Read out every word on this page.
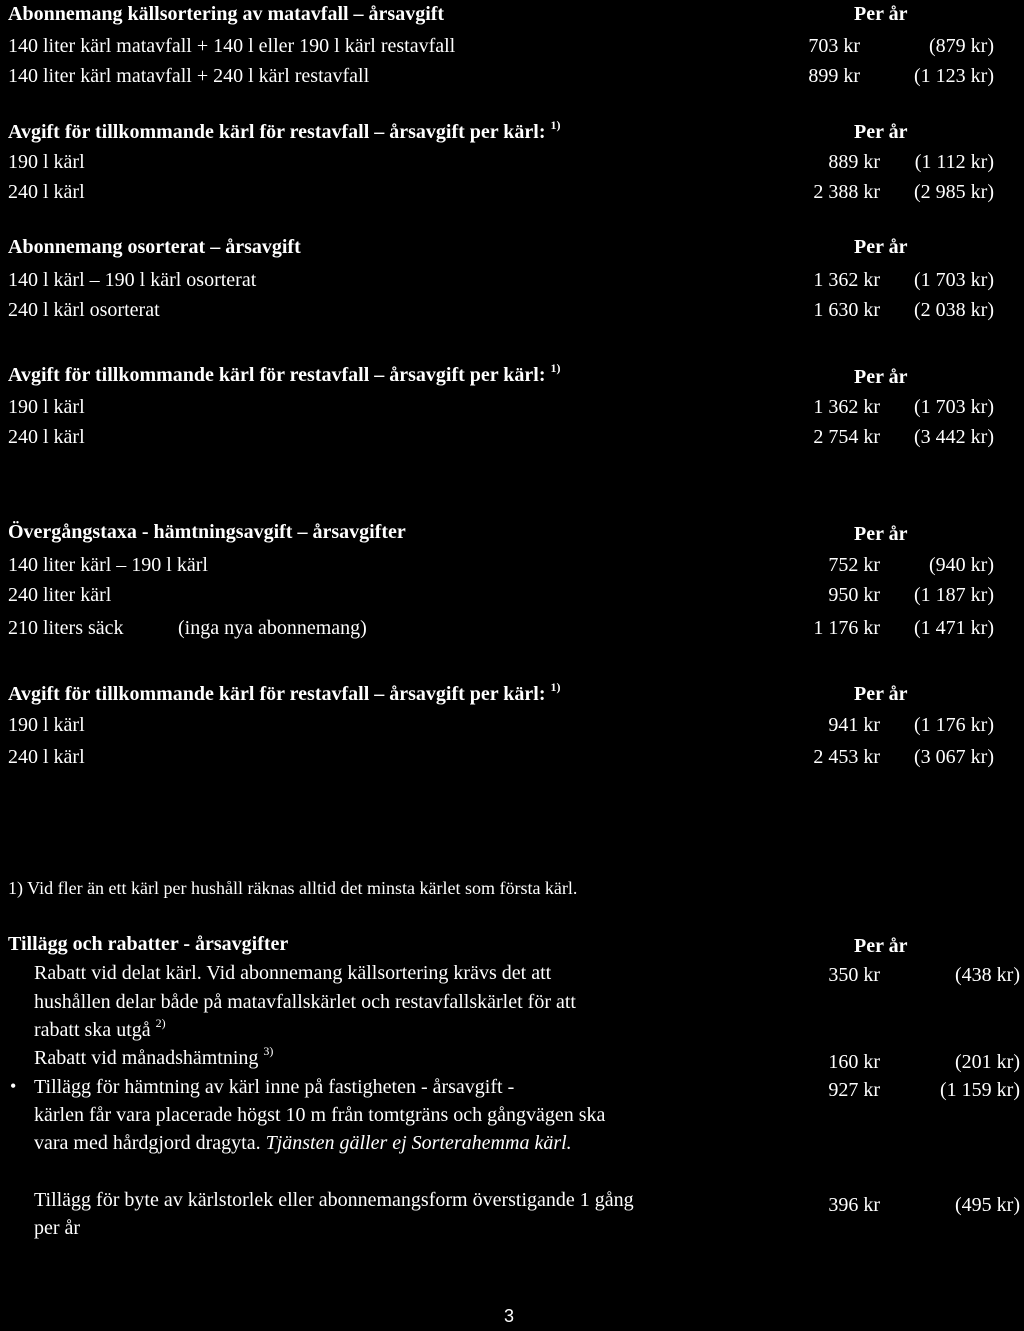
Abonnemang källsortering av matavfall – årsavgift	Per år
140 liter kärl matavfall + 140 l eller 190 l kärl restavfall	703 kr	(879 kr)
140 liter kärl matavfall + 240 l kärl restavfall	899 kr	(1 123 kr)
Avgift för tillkommande kärl för restavfall – årsavgift per kärl: $^{1)}$	Per år
190 l kärl	889 kr	(1 112 kr)
240 l kärl	2 388 kr	(2 985 kr)
Abonnemang osorterat – årsavgift	Per år
140 l kärl – 190 l kärl osorterat	1 362 kr	(1 703 kr)
240 l kärl osorterat	1 630 kr	(2 038 kr)
Avgift för tillkommande kärl för restavfall – årsavgift per kärl: $^{1)}$	Per år
190 l kärl	1 362 kr	(1 703 kr)
240 l kärl	2 754 kr	(3 442 kr)
Övergångstaxa - hämtningsavgift – årsavgifter	Per år
140 liter kärl – 190 l kärl	752 kr	(940 kr)
240 liter kärl	950 kr	(1 187 kr)
210 liters säck	(inga nya abonnemang)	1 176 kr	(1 471 kr)
Avgift för tillkommande kärl för restavfall – årsavgift per kärl: $^{1)}$	Per år
190 l kärl	941 kr	(1 176 kr)
240 l kärl	2 453 kr	(3 067 kr)
1) Vid fler än ett kärl per hushåll räknas alltid det minsta kärlet som första kärl.
Tillägg och rabatter - årsavgifter	Per år
Rabatt vid delat kärl. Vid abonnemang källsortering krävs det att
hushållen delar både på matavfallskärlet och restavfallskärlet för att
rabatt ska utgå $^{2)}$
350 kr	(438 kr)
Rabatt vid månadshämtning $^{3)}$	160 kr	(201 kr)
• Tillägg för hämtning av kärl inne på fastigheten - årsavgift -
kärlen får vara placerade högst 10 m från tomtgräns och gångvägen ska
vara med hårdgjord dragyta. Tjänsten gäller ej Sorterahemma kärl.
927 kr	(1 159 kr)
Tillägg för byte av kärlstorlek eller abonnemangsform överstigande 1 gång
per år
396 kr	(495 kr)
3
